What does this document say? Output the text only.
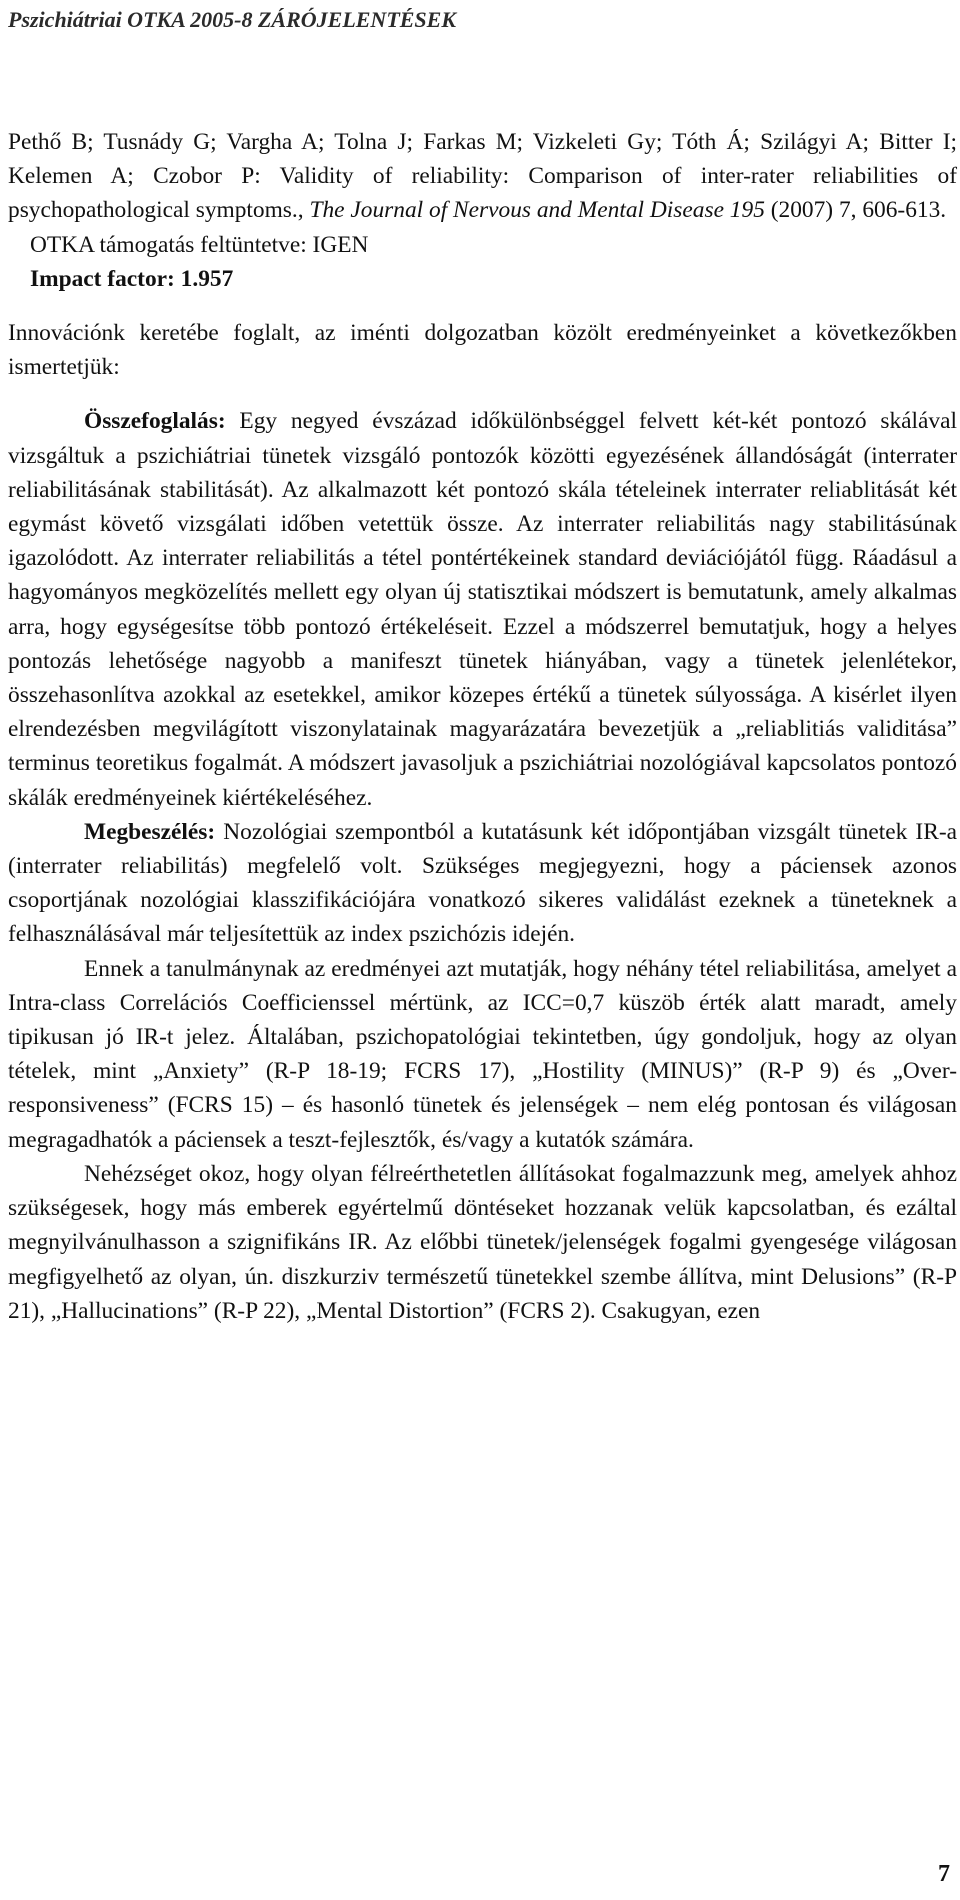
Pszichiátriai OTKA 2005-8 ZÁRÓJELENTÉSEK

Pethő B; Tusnády G; Vargha A; Tolna J; Farkas M; Vizkeleti Gy; Tóth Á; Szilágyi A; Bitter I; Kelemen A; Czobor P: Validity of reliability: Comparison of inter-rater reliabilities of psychopathological symptoms., The Journal of Nervous and Mental Disease 195 (2007) 7, 606-613.

OTKA támogatás feltüntetve: IGEN

Impact factor: 1.957

Innovációnk keretébe foglalt, az iménti dolgozatban közölt eredményeinket a következőkben ismertetjük:

Összefoglalás: Egy negyed évszázad időkülönbséggel felvett két-két pontozó skálával vizsgáltuk a pszichiátriai tünetek vizsgáló pontozók közötti egyezésének állandóságát (interrater reliabilitásának stabilitását). Az alkalmazott két pontozó skála tételeinek interrater reliablitását két egymást követő vizsgálati időben vetettük össze. Az interrater reliabilitás nagy stabilitásúnak igazolódott. Az interrater reliabilitás a tétel pontértékeinek standard deviációjától függ. Ráadásul a hagyományos megközelítés mellett egy olyan új statisztikai módszert is bemutatunk, amely alkalmas arra, hogy egységesítse több pontozó értékeléseit. Ezzel a módszerrel bemutatjuk, hogy a helyes pontozás lehetősége nagyobb a manifeszt tünetek hiányában, vagy a tünetek jelenlétekor, összehasonlítva azokkal az esetekkel, amikor közepes értékű a tünetek súlyossága. A kisérlet ilyen elrendezésben megvilágított viszonylatainak magyarázatára bevezetjük a „reliablitiás validitása” terminus teoretikus fogalmát. A módszert javasoljuk a pszichiátriai nozológiával kapcsolatos pontozó skálák eredményeinek kiértékeléséhez.

Megbeszélés: Nozológiai szempontból a kutatásunk két időpontjában vizsgált tünetek IR-a (interrater reliabilitás) megfelelő volt. Szükséges megjegyezni, hogy a páciensek azonos csoportjának nozológiai klasszifikációjára vonatkozó sikeres validálást ezeknek a tüneteknek a felhasználásával már teljesítettük az index pszichózis idején.

Ennek a tanulmánynak az eredményei azt mutatják, hogy néhány tétel reliabilitása, amelyet a Intra-class Correlációs Coefficienssel mértünk, az ICC=0,7 küszöb érték alatt maradt, amely tipikusan jó IR-t jelez. Általában, pszichopatológiai tekintetben, úgy gondoljuk, hogy az olyan tételek, mint „Anxiety” (R-P 18-19; FCRS 17), „Hostility (MINUS)” (R-P 9) és „Over-responsiveness” (FCRS 15) – és hasonló tünetek és jelenségek – nem elég pontosan és világosan megragadhatók a páciensek a teszt-fejlesztők, és/vagy a kutatók számára.

Nehézséget okoz, hogy olyan félreérthetetlen állításokat fogalmazzunk meg, amelyek ahhoz szükségesek, hogy más emberek egyértelmű döntéseket hozzanak velük kapcsolatban, és ezáltal megnyilvánulhasson a szignifikáns IR. Az előbbi tünetek/jelenségek fogalmi gyengesége világosan megfigyelhető az olyan, ún. diszkurziv természetű tünetekkel szembe állítva, mint Delusions” (R-P 21), „Hallucinations” (R-P 22), „Mental Distortion” (FCRS 2). Csakugyan, ezen

7
